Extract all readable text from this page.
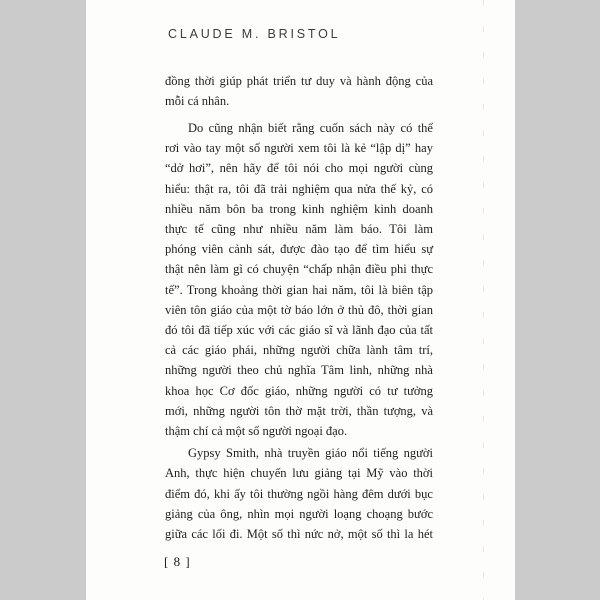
CLAUDE M. BRISTOL
đồng thời giúp phát triển tư duy và hành động của
mỗi cá nhân.
Do cũng nhận biết rằng cuốn sách này có thể
rơi vào tay một số người xem tôi là kẻ “lập dị” hay
“dở hơi”, nên hãy để tôi nói cho mọi người cùng
hiểu: thật ra, tôi đã trải nghiệm qua nửa thế kỷ, có
nhiều năm bôn ba trong kinh nghiệm kinh doanh
thực tế cũng như nhiều năm làm báo. Tôi làm
phóng viên cảnh sát, được đào tạo để tìm hiểu sự
thật nên làm gì có chuyện “chấp nhận điều phi thực
tế”. Trong khoảng thời gian hai năm, tôi là biên tập
viên tôn giáo của một tờ báo lớn ở thủ đô, thời gian
đó tôi đã tiếp xúc với các giáo sĩ và lãnh đạo của tất
cả các giáo phái, những người chữa lành tâm trí,
những người theo chủ nghĩa Tâm linh, những nhà
khoa học Cơ đốc giáo, những người có tư tưởng
mới, những người tôn thờ mặt trời, thần tượng, và
thậm chí cả một số người ngoại đạo.
Gypsy Smith, nhà truyền giáo nổi tiếng người
Anh, thực hiện chuyến lưu giảng tại Mỹ vào thời
điểm đó, khi ấy tôi thường ngồi hàng đêm dưới bục
giảng của ông, nhìn mọi người loạng choạng bước
giữa các lối đi. Một số thì nức nở, một số thì la hét
[ 8 ]
